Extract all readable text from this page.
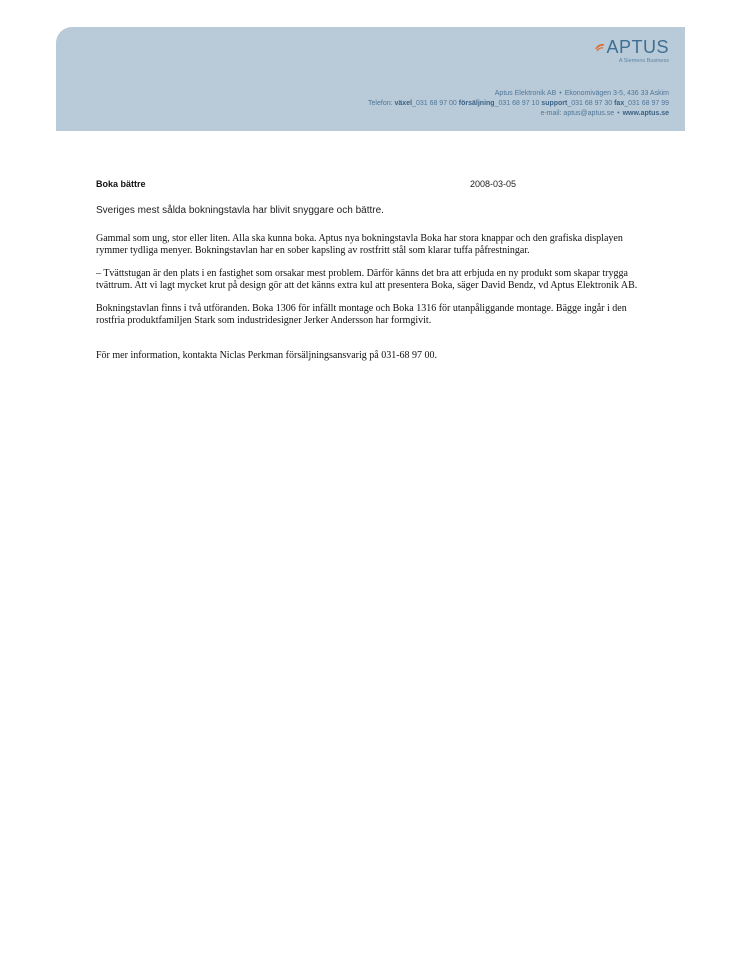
APTUS
A Siemens Business
Aptus Elektronik AB • Ekonomivägen 3-5, 436 33 Askim
Telefon: växel_031 68 97 00 försäljning_031 68 97 10 support_031 68 97 30 fax_031 68 97 99
e-mail: aptus@aptus.se • www.aptus.se
Boka bättre	2008-03-05
Sveriges mest sålda bokningstavla har blivit snyggare och bättre.

Gammal som ung, stor eller liten. Alla ska kunna boka. Aptus nya bokningstavla Boka har stora knappar och den grafiska displayen rymmer tydliga menyer. Bokningstavlan har en sober kapsling av rostfritt stål som klarar tuffa påfrestningar.

– Tvättstugan är den plats i en fastighet som orsakar mest problem. Därför känns det bra att erbjuda en ny produkt som skapar trygga tvättrum. Att vi lagt mycket krut på design gör att det känns extra kul att presentera Boka, säger David Bendz, vd Aptus Elektronik AB.

Bokningstavlan finns i två utföranden. Boka 1306 för infällt montage och Boka 1316 för utanpåliggande montage. Bägge ingår i den rostfria produktfamiljen Stark som industridesigner Jerker Andersson har formgivit.

För mer information, kontakta Niclas Perkman försäljningsansvarig på 031-68 97 00.
